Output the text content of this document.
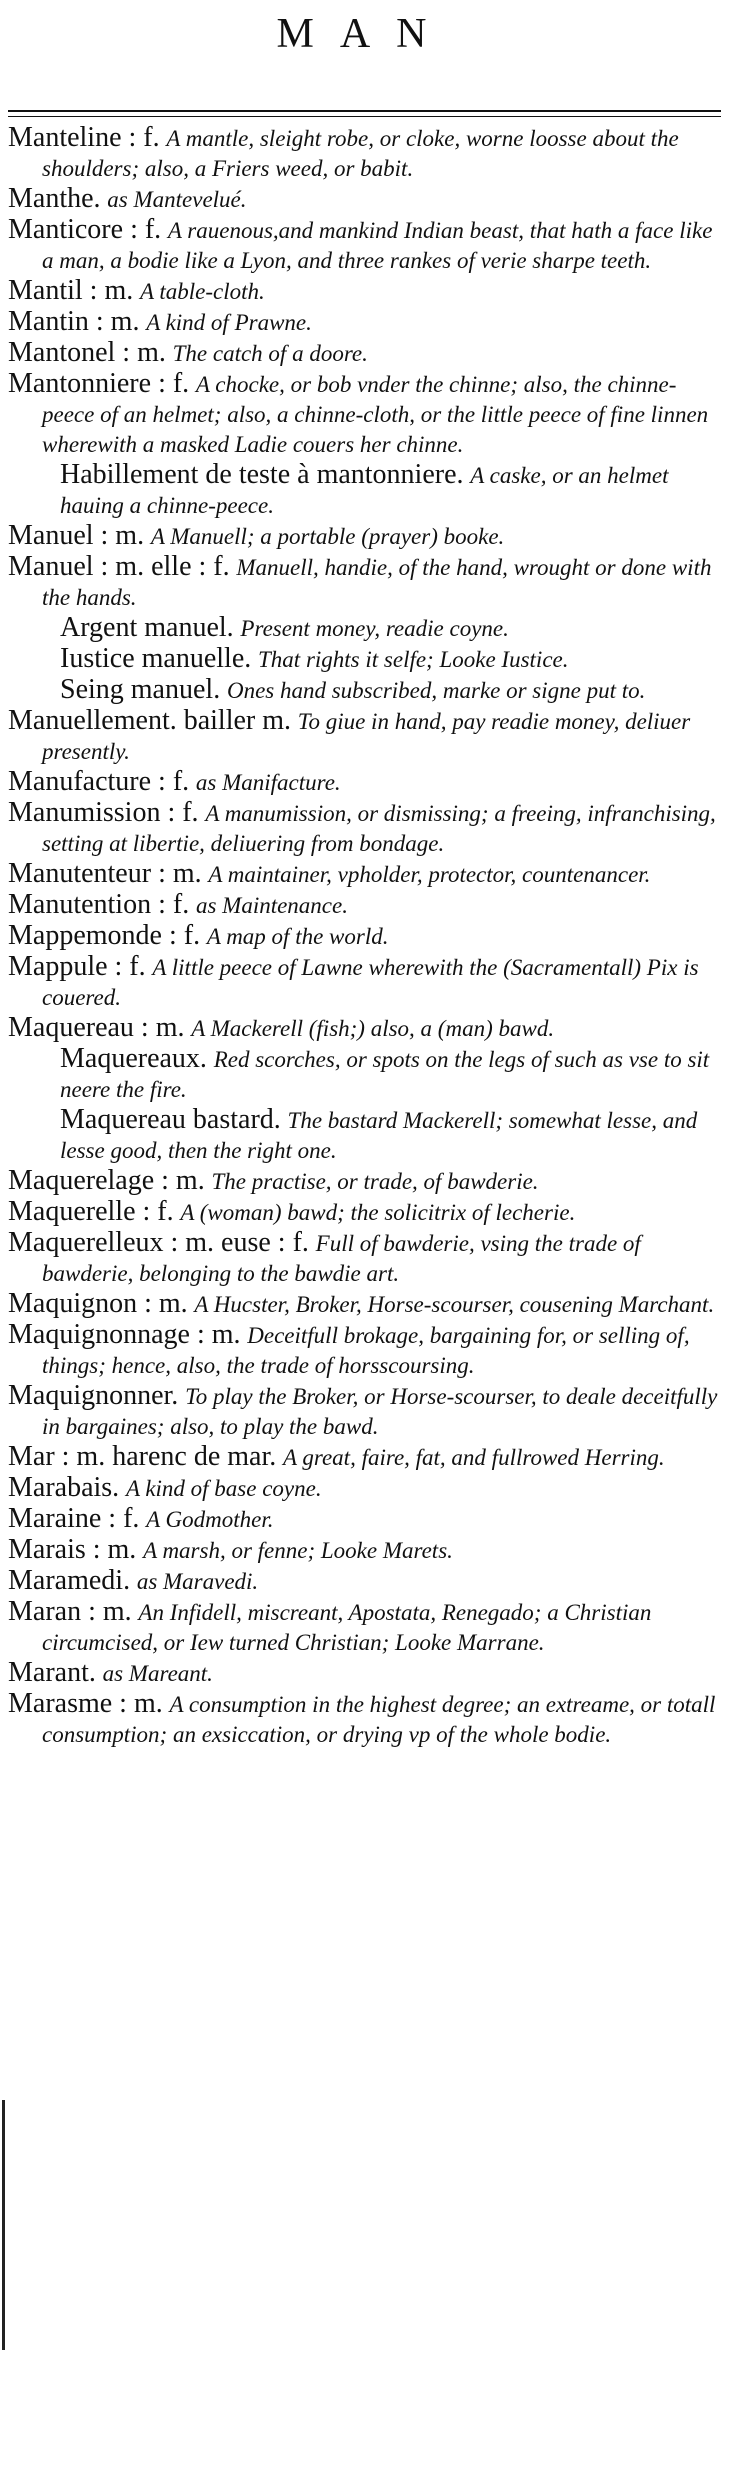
MAN
Manteline : f. A mantle, sleight robe, or cloke, worne loosse about the shoulders; also, a Friers weed, or babit.
Manthe. as Mantevelué.
Manticore : f. A rauenous,and mankind Indian beast, that hath a face like a man, a bodie like a Lyon, and three rankes of verie sharpe teeth.
Mantil : m. A table-cloth.
Mantin : m. A kind of Prawne.
Mantonel : m. The catch of a doore.
Mantonniere : f. A chocke, or bob vnder the chinne; also, the chinne-peece of an helmet; also, a chinne-cloth, or the little peece of fine linnen wherewith a masked Ladie couers her chinne.
Habillement de teste à mantonniere. A caske, or an helmet hauing a chinne-peece.
Manuel : m. A Manuell; a portable (prayer) booke.
Manuel : m. elle : f. Manuell, handie, of the hand, wrought or done with the hands.
Argent manuel. Present money, readie coyne.
Iustice manuelle. That rights it selfe; Looke Iustice.
Seing manuel. Ones hand subscribed, marke or signe put to.
Manuellement. bailler m. To giue in hand, pay readie money, deliuer presently.
Manufacture : f. as Manifacture.
Manumission : f. A manumission, or dismissing; a freeing, infranchising, setting at libertie, deliuering from bondage.
Manutenteur : m. A maintainer, vpholder, protector, countenancer.
Manutention : f. as Maintenance.
Mappemonde : f. A map of the world.
Mappule : f. A little peece of Lawne wherewith the (Sacramentall) Pix is couered.
Maquereau : m. A Mackerell (fish;) also, a (man) bawd.
Maquereaux. Red scorches, or spots on the legs of such as vse to sit neere the fire.
Maquereau bastard. The bastard Mackerell; somewhat lesse, and lesse good, then the right one.
Maquerelage : m. The practise, or trade, of bawderie.
Maquerelle : f. A (woman) bawd; the solicitrix of lecherie.
Maquerelleux : m. euse : f. Full of bawderie, vsing the trade of bawderie, belonging to the bawdie art.
Maquignon : m. A Hucster, Broker, Horse-scourser, cousening Marchant.
Maquignonnage : m. Deceitfull brokage, bargaining for, or selling of, things; hence, also, the trade of horsscoursing.
Maquignonner. To play the Broker, or Horse-scourser, to deale deceitfully in bargaines; also, to play the bawd.
Mar : m. harenc de mar. A great, faire, fat, and fullrowed Herring.
Marabais. A kind of base coyne.
Maraine : f. A Godmother.
Marais : m. A marsh, or fenne; Looke Marets.
Maramedi. as Maravedi.
Maran : m. An Infidell, miscreant, Apostata, Renegado; a Christian circumcised, or Iew turned Christian; Looke Marrane.
Marant. as Mareant.
Marasme : m. A consumption in the highest degree; an extreame, or totall consumption; an exsiccation, or drying vp of the whole bodie.
